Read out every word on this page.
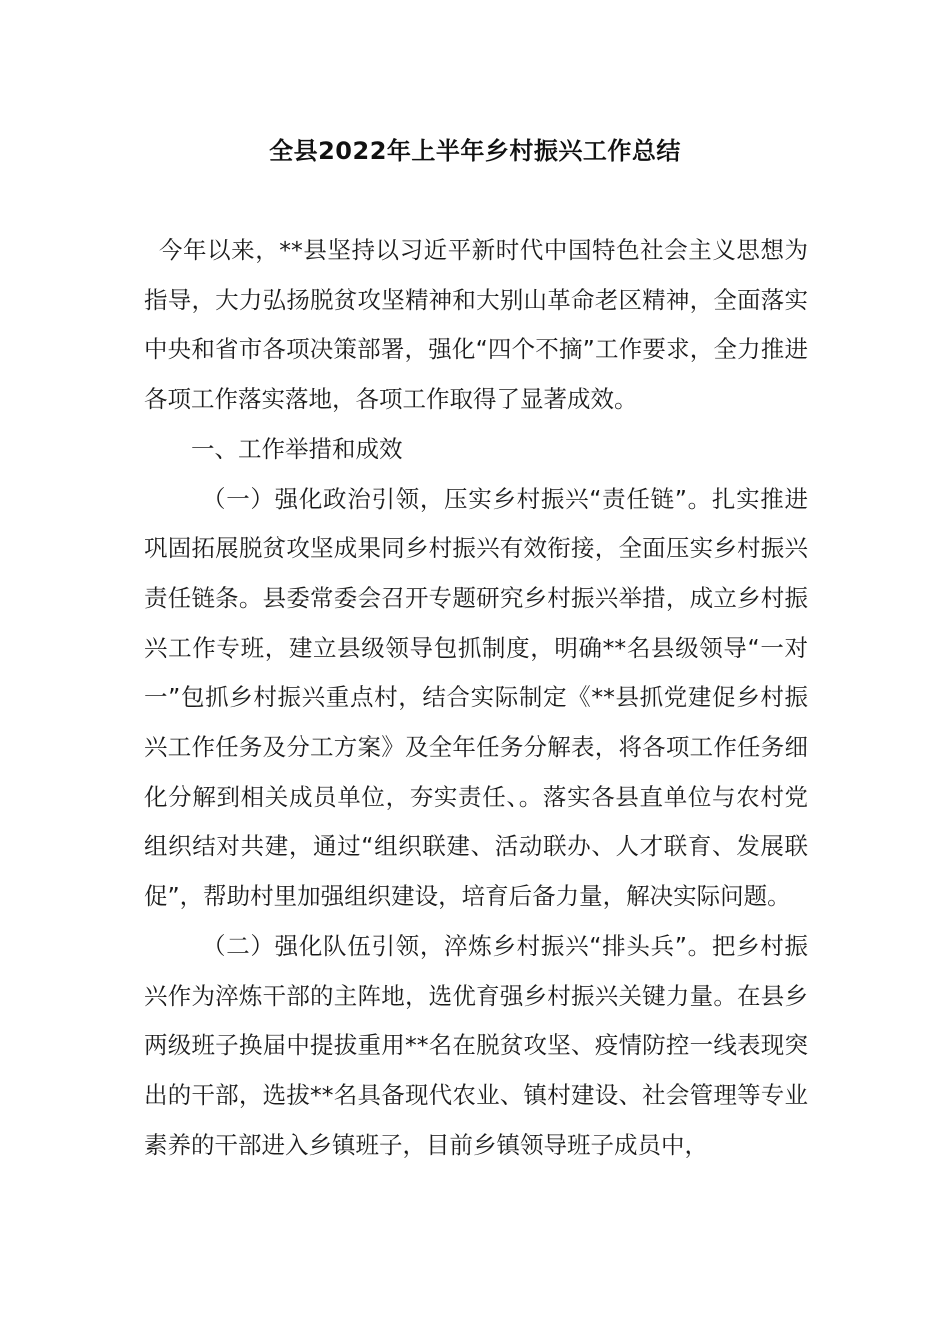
全县2022年上半年乡村振兴工作总结

今年以来，**县坚持以习近平新时代中国特色社会主义思想为指导，大力弘扬脱贫攻坚精神和大别山革命老区精神，全面落实中央和省市各项决策部署，强化“四个不摘”工作要求，全力推进各项工作落实落地，各项工作取得了显著成效。

一、工作举措和成效

（一）强化政治引领，压实乡村振兴“责任链”。扎实推进巩固拓展脱贫攻坚成果同乡村振兴有效衔接，全面压实乡村振兴责任链条。县委常委会召开专题研究乡村振兴举措，成立乡村振兴工作专班，建立县级领导包抓制度，明确**名县级领导“一对一”包抓乡村振兴重点村，结合实际制定《**县抓党建促乡村振兴工作任务及分工方案》及全年任务分解表，将各项工作任务细化分解到相关成员单位，夯实责任、。落实各县直单位与农村党组织结对共建，通过“组织联建、活动联办、人才联育、发展联促”，帮助村里加强组织建设，培育后备力量，解决实际问题。

（二）强化队伍引领，淬炼乡村振兴“排头兵”。把乡村振兴作为淬炼干部的主阵地，选优育强乡村振兴关键力量。在县乡两级班子换届中提拔重用**名在脱贫攻坚、疫情防控一线表现突出的干部，选拔**名具备现代农业、镇村建设、社会管理等专业素养的干部进入乡镇班子，目前乡镇领导班子成员中，
